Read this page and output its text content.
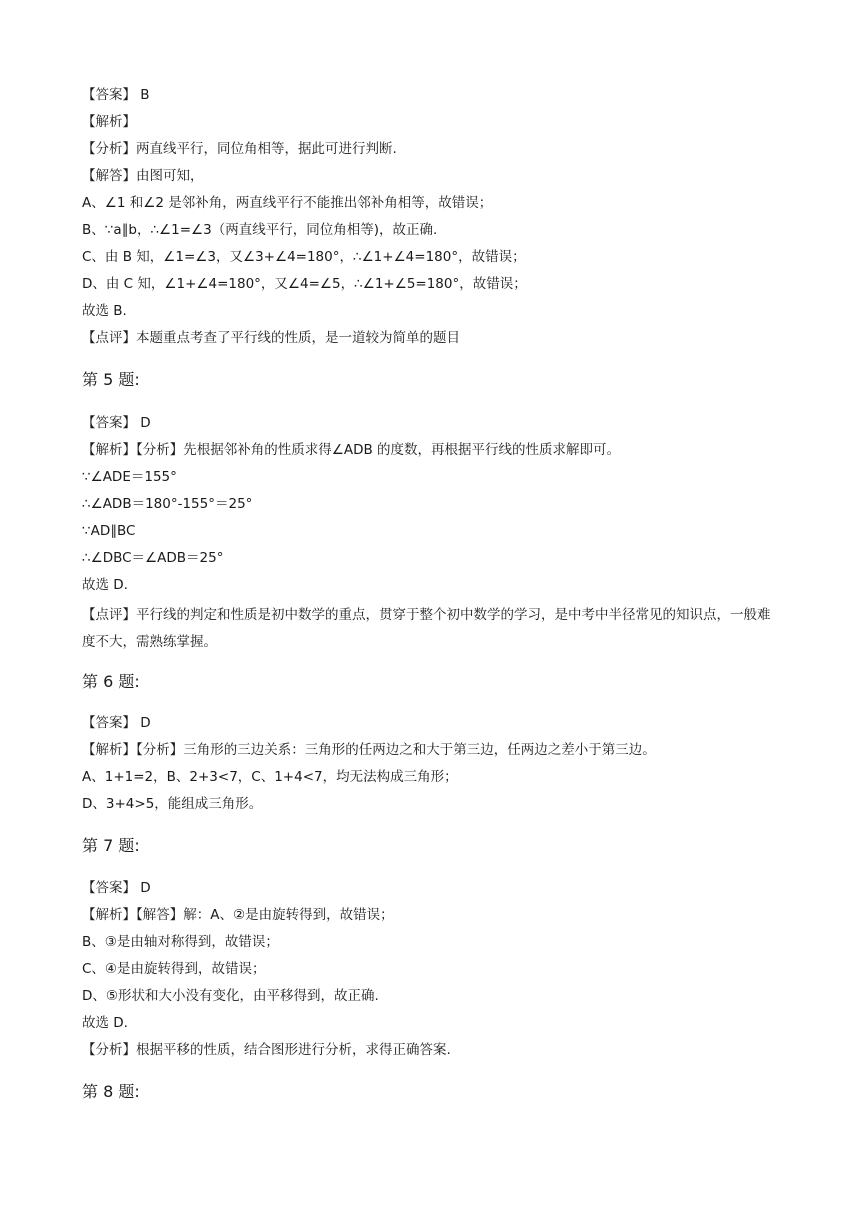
【答案】 B
【解析】
【分析】两直线平行，同位角相等，据此可进行判断.
【解答】由图可知，
A、∠1 和∠2 是邻补角，两直线平行不能推出邻补角相等，故错误；
B、∵a∥b，∴∠1=∠3（两直线平行，同位角相等)，故正确.
C、由 B 知，∠1=∠3，又∠3+∠4=180°，∴∠1+∠4=180°，故错误；
D、由 C 知，∠1+∠4=180°，又∠4=∠5，∴∠1+∠5=180°，故错误；
故选 B.
【点评】本题重点考查了平行线的性质，是一道较为简单的题目
第 5 题:
【答案】 D
【解析】【分析】先根据邻补角的性质求得∠ADB 的度数，再根据平行线的性质求解即可。
∵∠ADE＝155°
∴∠ADB＝180°-155°＝25°
∵AD∥BC
∴∠DBC＝∠ADB＝25°
故选 D.
【点评】平行线的判定和性质是初中数学的重点，贯穿于整个初中数学的学习，是中考中半径常见的知识点，一般难度不大，需熟练掌握。
第 6 题:
【答案】 D
【解析】【分析】三角形的三边关系：三角形的任两边之和大于第三边，任两边之差小于第三边。
A、1+1=2，B、2+3<7，C、1+4<7，均无法构成三角形；
D、3+4>5，能组成三角形。
第 7 题:
【答案】 D
【解析】【解答】解：A、②是由旋转得到，故错误；
B、③是由轴对称得到，故错误；
C、④是由旋转得到，故错误；
D、⑤形状和大小没有变化，由平移得到，故正确.
故选 D.
【分析】根据平移的性质，结合图形进行分析，求得正确答案.
第 8 题:
